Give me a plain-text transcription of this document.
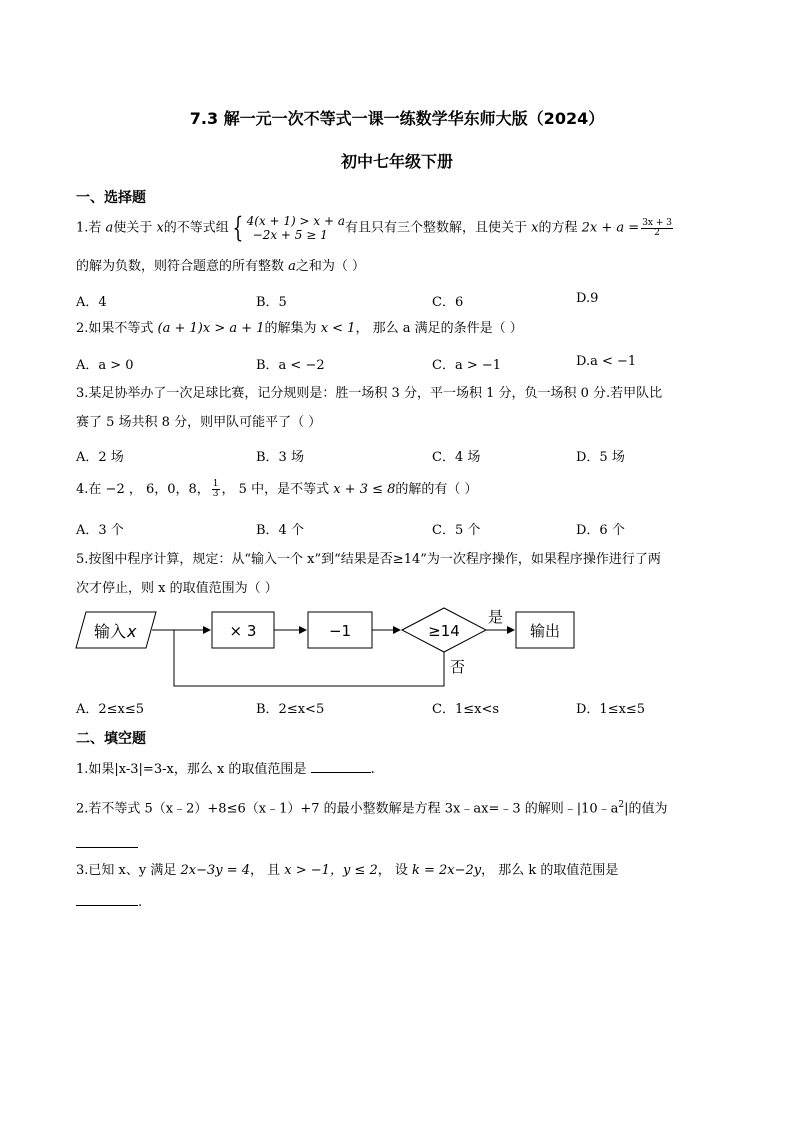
7.3 解一元一次不等式一课一练数学华东师大版（2024）
初中七年级下册
一、选择题
1.若 a使关于 x的不等式组 { 4(x + 1) > x + a
−2x + 5 ≥ 1	有且只有三个整数解，且使关于 x的方程 $2x + a = \frac{3x + 3}{2}$
的解为负数，则符合题意的所有整数 a之和为（ ）
A．4	B．5	C．6	D.9
2.如果不等式 (a + 1)x > a + 1的解集为 x < 1， 那么 a 满足的条件是（ ）
A．a > 0	B．a < −2	C．a > −1	D.a < −1
3.某足协举办了一次足球比赛，记分规则是：胜一场积 3 分，平一场积 1 分，负一场积 0 分.若甲队比
赛了 5 场共积 8 分，则甲队可能平了（ ）
A．2 场	B．3 场	C．4 场	D．5 场
4.在 −2 ， 6，0，8， $\frac{1}{3}$ ， 5 中，是不等式 x + 3 ≤ 8的解的有（ ）
A．3 个	B．4 个	C．5 个	D．6 个
5.按图中程序计算，规定：从“输入一个 x”到“结果是否≥14”为一次程序操作，如果程序操作进行了两
次才停止，则 x 的取值范围为（ ）
输入 x	× 3	−1	≥14
是
输出
否
A．2≤x≤5	B．2≤x<5	C．1≤x<s	D．1≤x≤5
二、填空题
1.如果|x-3|=3-x，那么 x 的取值范围是	.
2.若不等式 5（x﹣2）+8≤6（x﹣1）+7 的最小整数解是方程 3x﹣ax=﹣3 的解则$﹣|10﹣a^2|$的值为
3.已知 x、y 满足 2x−3y = 4， 且 x > −1，y ≤ 2， 设 k = 2x−2y， 那么 k 的取值范围是
.
